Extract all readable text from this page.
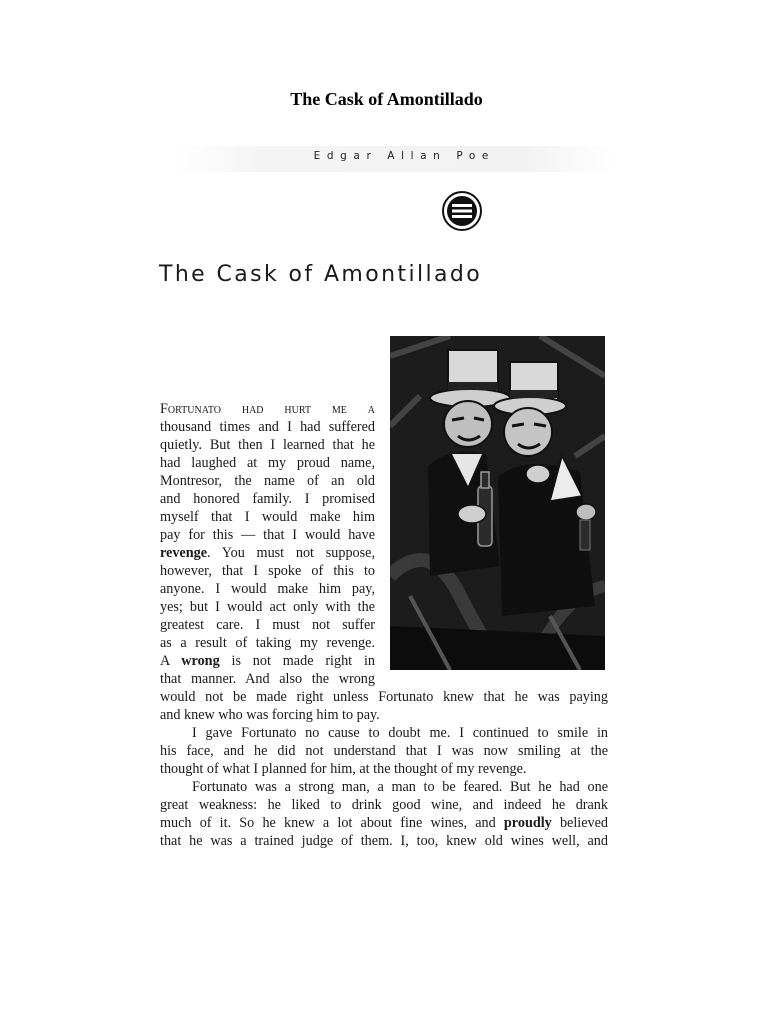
The Cask of Amontillado
Edgar Allan Poe
The Cask of Amontillado
Fortunato had hurt me a
thousand times and I had suffered
quietly. But then I learned that he
had laughed at my proud name,
Montresor, the name of an old
and honored family. I promised
myself that I would make him
pay for this — that I would have
revenge. You must not suppose,
however, that I spoke of this to
anyone. I would make him pay,
yes; but I would act only with the
greatest care. I must not suffer
as a result of taking my revenge.
A wrong is not made right in
that manner. And also the wrong
would not be made right unless Fortunato knew that he was paying
and knew who was forcing him to pay.
I gave Fortunato no cause to doubt me. I continued to smile in
his face, and he did not understand that I was now smiling at the
thought of what I planned for him, at the thought of my revenge.
Fortunato was a strong man, a man to be feared. But he had one
great weakness: he liked to drink good wine, and indeed he drank
much of it. So he knew a lot about fine wines, and proudly believed
that he was a trained judge of them. I, too, knew old wines well, and
